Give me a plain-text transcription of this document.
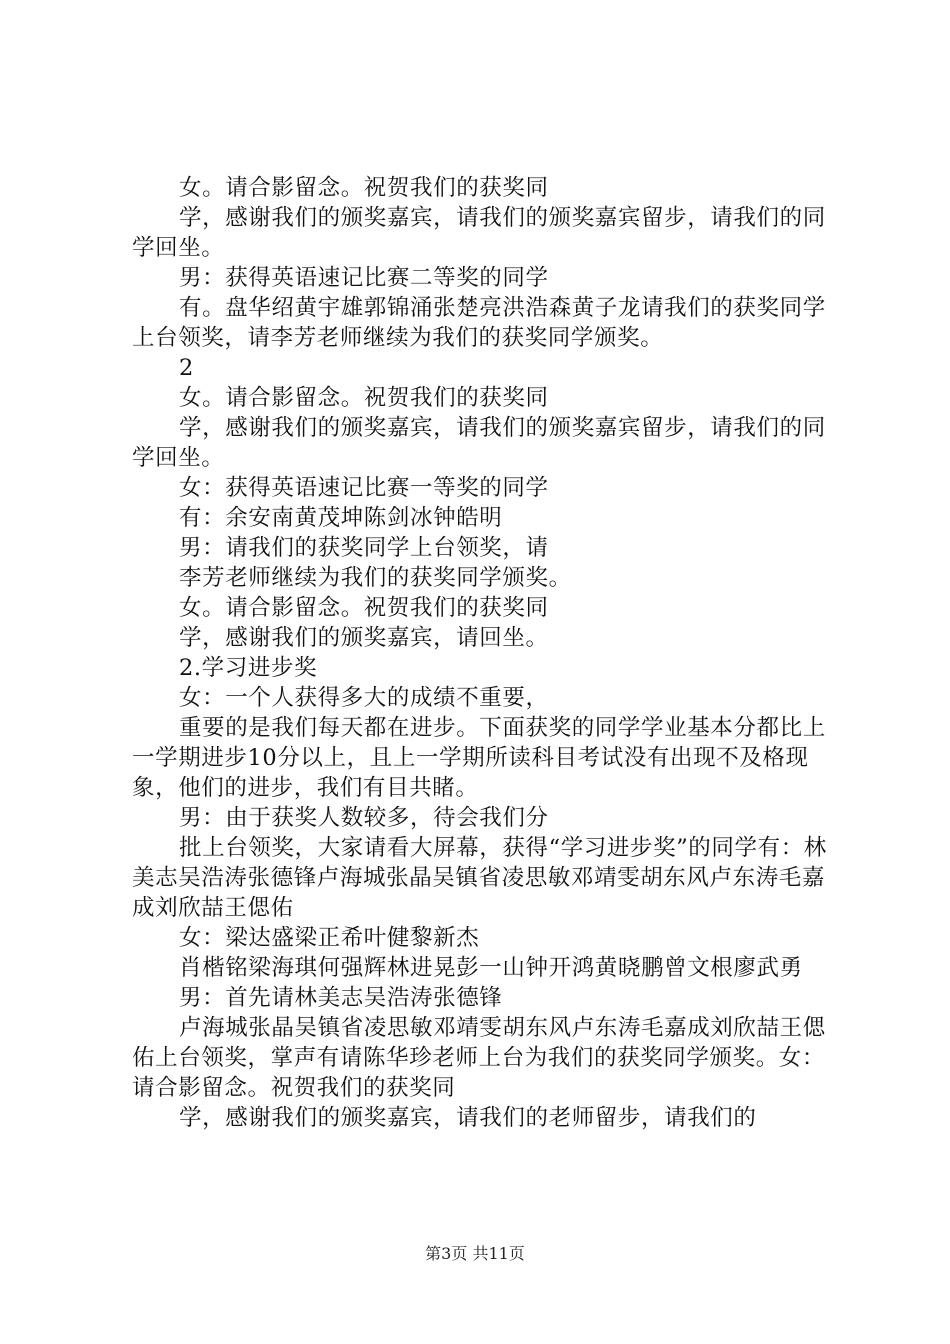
女。请合影留念。祝贺我们的获奖同

学，感谢我们的颁奖嘉宾，请我们的颁奖嘉宾留步，请我们的同学回坐。

男：获得英语速记比赛二等奖的同学

有。盘华绍黄宇雄郭锦涌张楚亮洪浩森黄子龙请我们的获奖同学上台领奖，请李芳老师继续为我们的获奖同学颁奖。

2

女。请合影留念。祝贺我们的获奖同

学，感谢我们的颁奖嘉宾，请我们的颁奖嘉宾留步，请我们的同学回坐。

女：获得英语速记比赛一等奖的同学

有：余安南黄茂坤陈剑冰钟皓明

男：请我们的获奖同学上台领奖，请

李芳老师继续为我们的获奖同学颁奖。

女。请合影留念。祝贺我们的获奖同

学，感谢我们的颁奖嘉宾，请回坐。

2.学习进步奖

女：一个人获得多大的成绩不重要，

重要的是我们每天都在进步。下面获奖的同学学业基本分都比上一学期进步10分以上，且上一学期所读科目考试没有出现不及格现象，他们的进步，我们有目共睹。

男：由于获奖人数较多，待会我们分

批上台领奖，大家请看大屏幕，获得“学习进步奖”的同学有：林美志吴浩涛张德锋卢海城张晶吴镇省凌思敏邓靖雯胡东风卢东涛毛嘉成刘欣喆王偲佑

女：梁达盛梁正希叶健黎新杰

肖楷铭梁海琪何强辉林进晃彭一山钟开鸿黄晓鹏曾文根廖武勇

男：首先请林美志吴浩涛张德锋

卢海城张晶吴镇省凌思敏邓靖雯胡东风卢东涛毛嘉成刘欣喆王偲佑上台领奖，掌声有请陈华珍老师上台为我们的获奖同学颁奖。女：请合影留念。祝贺我们的获奖同

学，感谢我们的颁奖嘉宾，请我们的老师留步，请我们的

第3页 共11页
